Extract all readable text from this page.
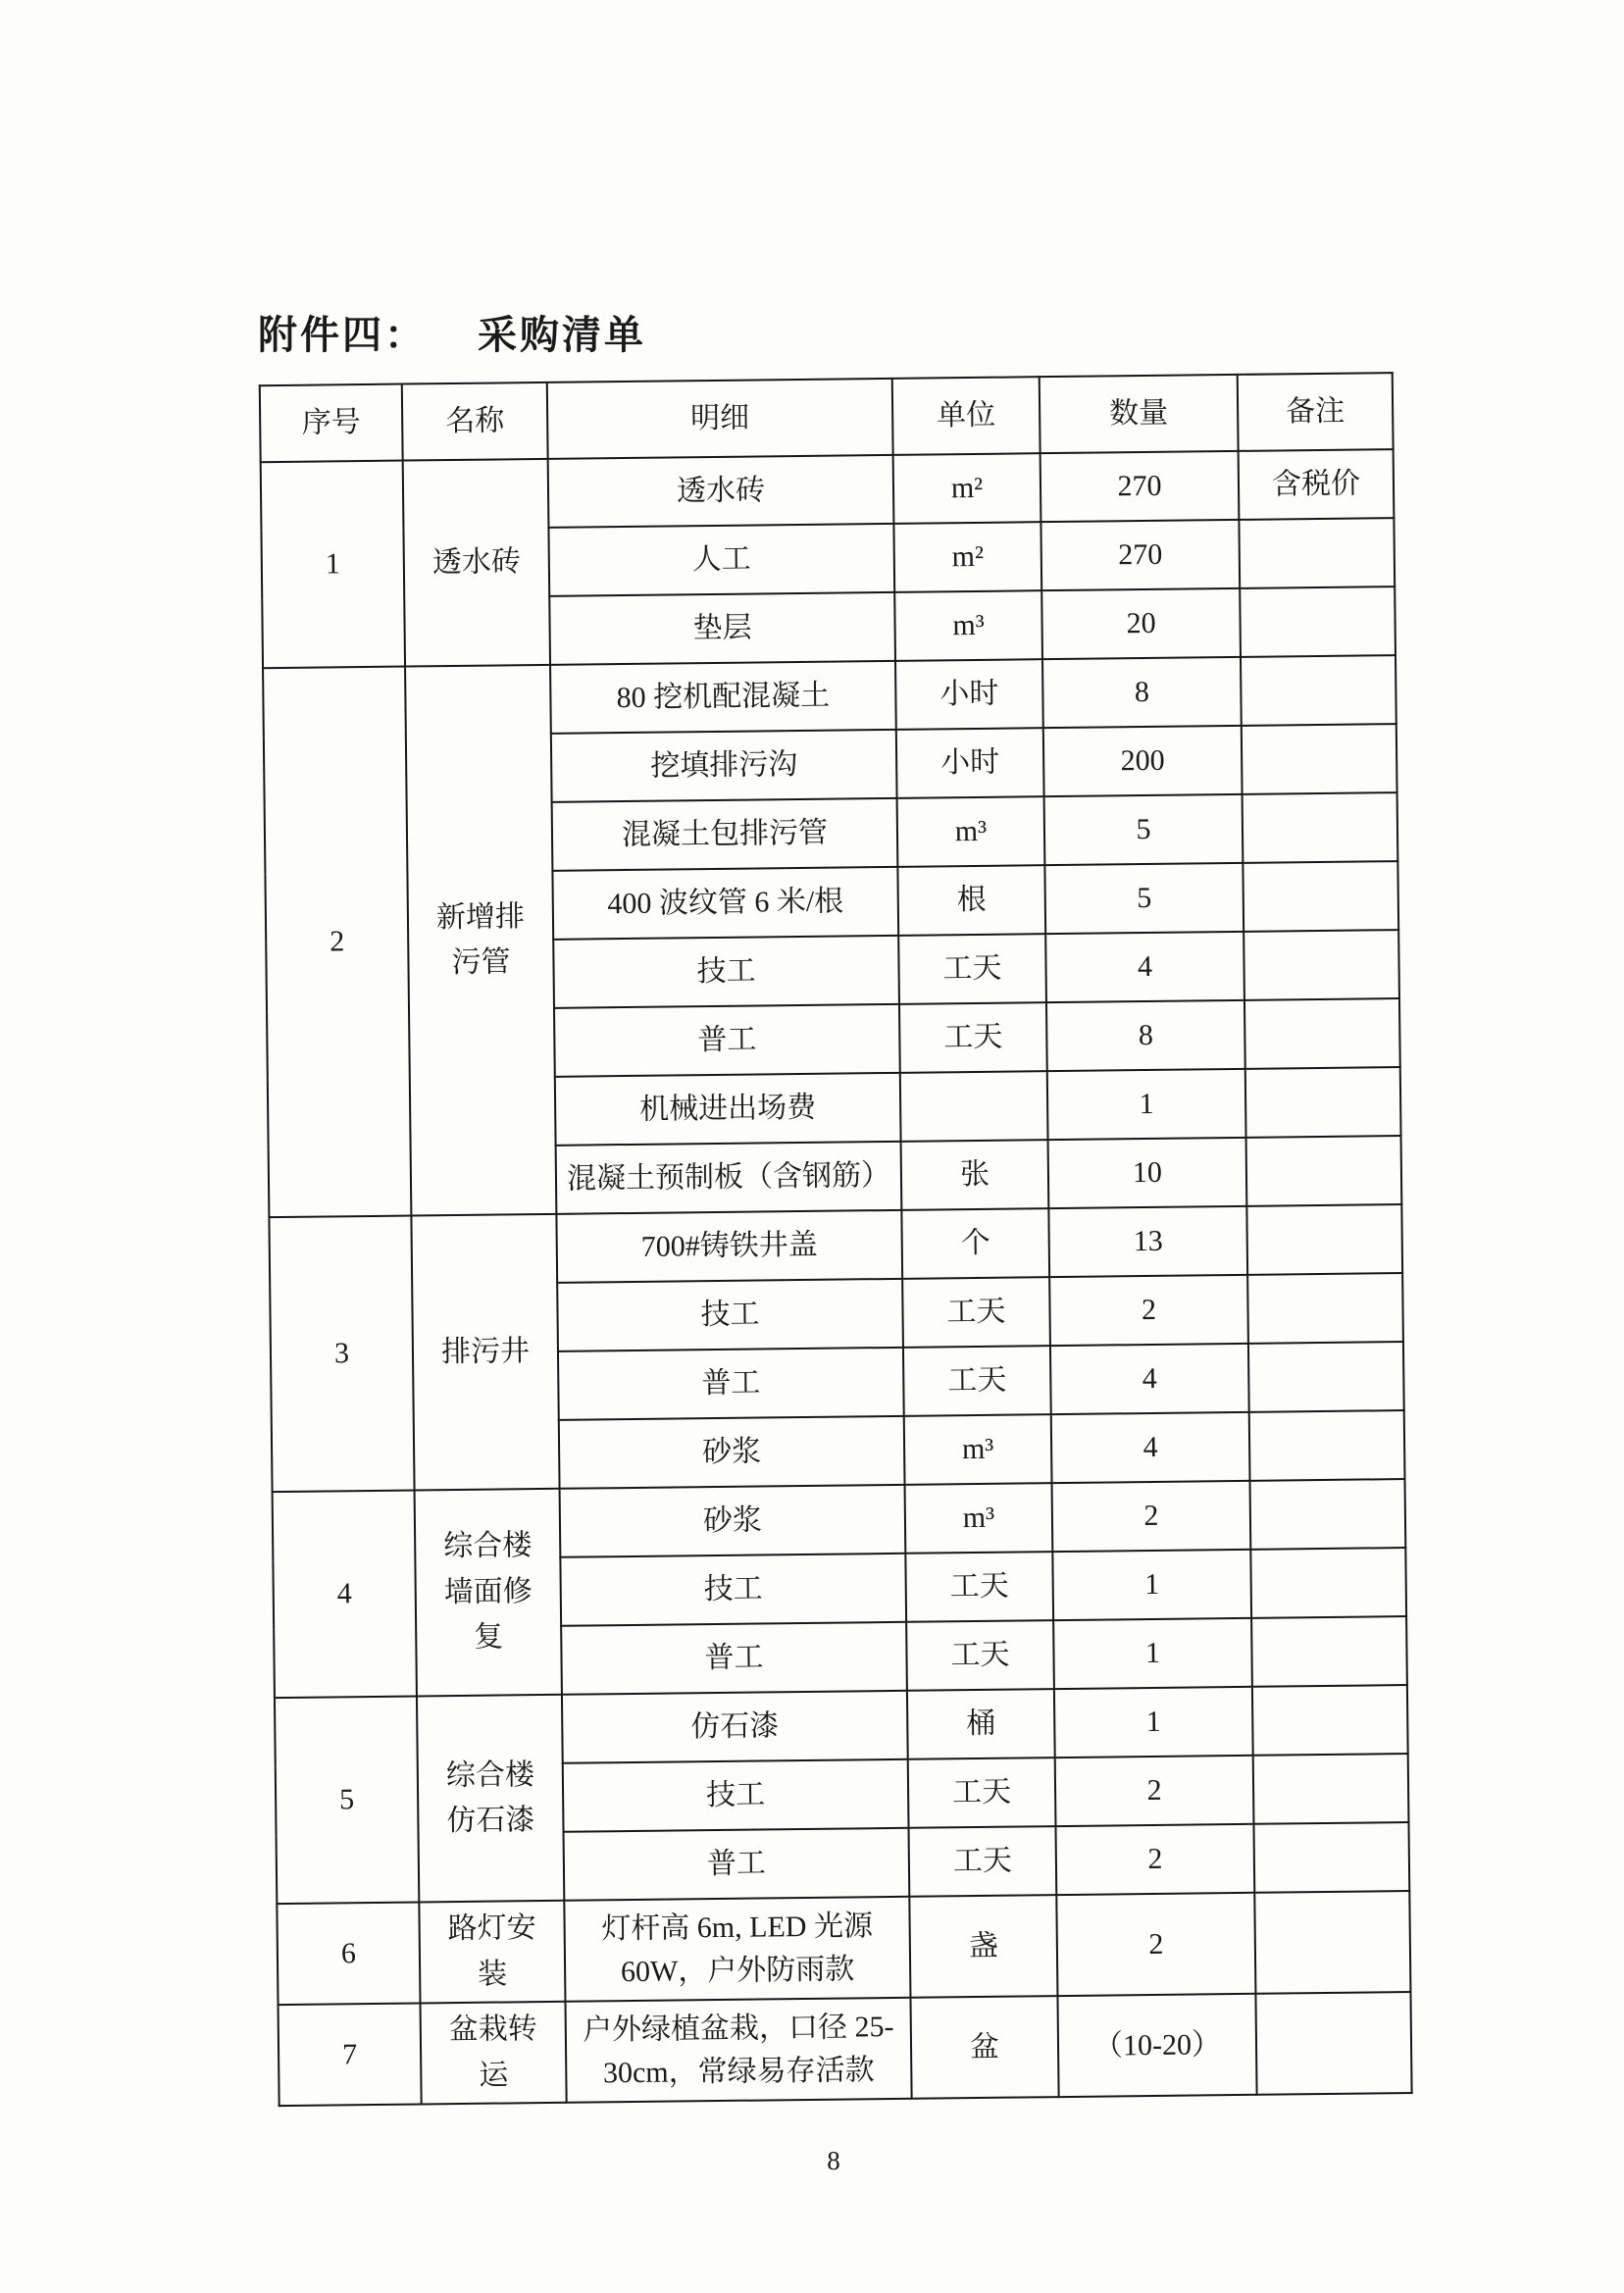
附件四： 采购清单
序号	名称	明细	单位	数量	备注
1	透水砖	透水砖	m²	270	含税价
		人工	m²	270	
		垫层	m³	20	
2	新增排污管	80 挖机配混凝土	小时	8	
		挖填排污沟	小时	200	
		混凝土包排污管	m³	5	
		400 波纹管 6 米/根	根	5	
		技工	工天	4	
		普工	工天	8	
		机械进出场费		1	
		混凝土预制板（含钢筋）	张	10	
3	排污井	700#铸铁井盖	个	13	
		技工	工天	2	
		普工	工天	4	
		砂浆	m³	4	
4	综合楼墙面修复	砂浆	m³	2	
		技工	工天	1	
		普工	工天	1	
5	综合楼仿石漆	仿石漆	桶	1	
		技工	工天	2	
		普工	工天	2	
6	路灯安装	灯杆高 6m, LED 光源 60W，户外防雨款	盏	2	
7	盆栽转运	户外绿植盆栽，口径 25-30cm，常绿易存活款	盆	（10-20）	
8
